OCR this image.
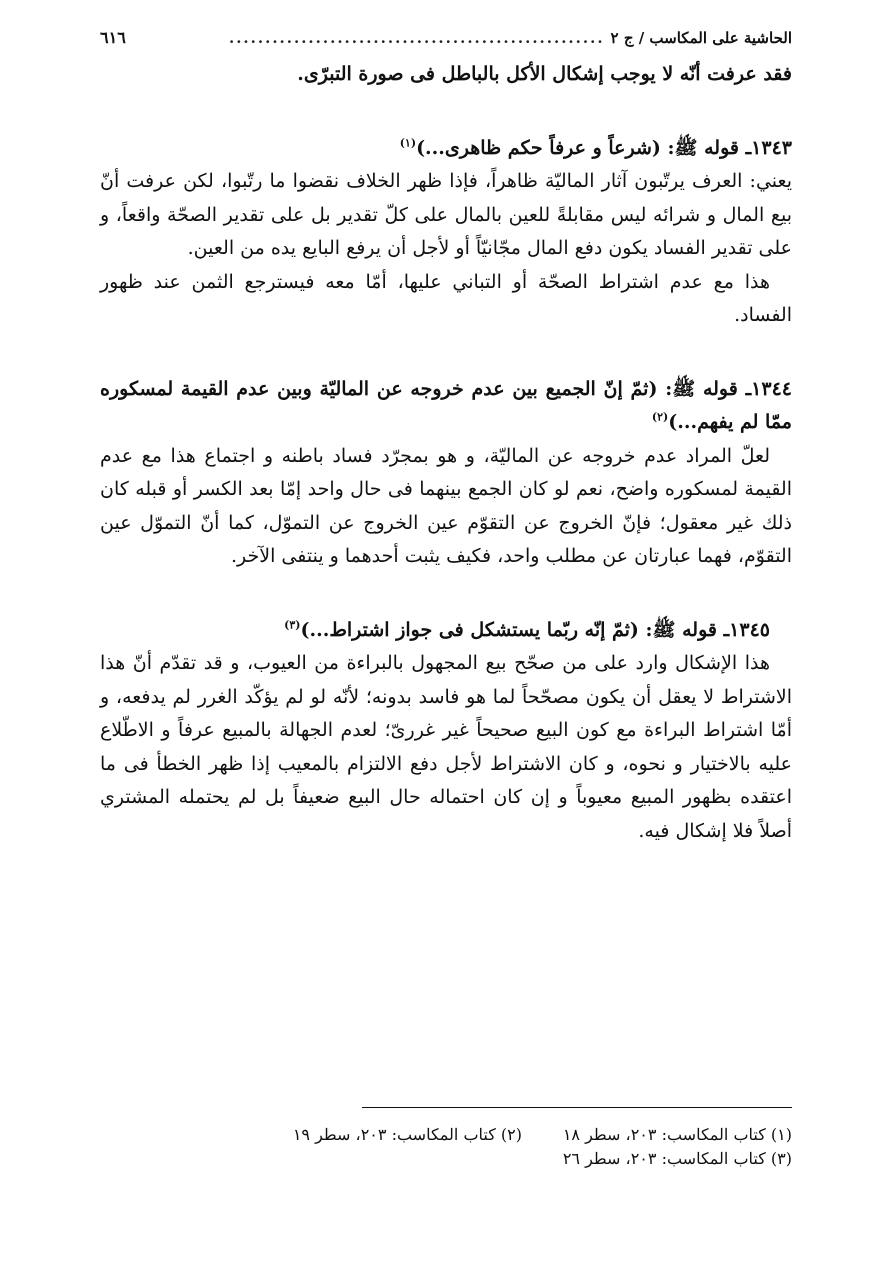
الحاشية على المكاسب / ج ۲
....................................................
٦١٦

فقد عرفت أنّه لا يوجب إشكال الأكل بالباطل فى صورة التبرّى.

١٣٤٣ـ قوله ﷺ: (شرعاً و عرفاً حكم ظاهرى...)$^{(١)}$

يعني: العرف يرتّبون آثار الماليّة ظاهراً، فإذا ظهر الخلاف نقضوا ما رتّبوا، لكن عرفت أنّ بيع المال و شرائه ليس مقابلةً للعين بالمال على كلّ تقدير بل على تقدير الصحّة واقعاً، و على تقدير الفساد يكون دفع المال مجّانيّاً أو لأجل أن يرفع البايع يده من العين.

هذا مع عدم اشتراط الصحّة أو التباني عليها، أمّا معه فيسترجع الثمن عند ظهور الفساد.

١٣٤٤ـ قوله ﷺ: (ثمّ إنّ الجميع بين عدم خروجه عن الماليّة وبين عدم القيمة لمسكوره ممّا لم يفهم...)$^{(٢)}$

لعلّ المراد عدم خروجه عن الماليّة، و هو بمجرّد فساد باطنه و اجتماع هذا مع عدم القيمة لمسكوره واضح، نعم لو كان الجمع بينهما فى حال واحد إمّا بعد الكسر أو قبله كان ذلك غير معقول؛ فإنّ الخروج عن التقوّم عين الخروج عن التموّل، كما أنّ التموّل عين التقوّم، فهما عبارتان عن مطلب واحد، فكيف يثبت أحدهما و ينتفى الآخر.

١٣٤٥ـ قوله ﷺ: (ثمّ إنّه ربّما يستشكل فى جواز اشتراط...)$^{(٣)}$

هذا الإشكال وارد على من صحّح بيع المجهول بالبراءة من العيوب، و قد تقدّم أنّ هذا الاشتراط لا يعقل أن يكون مصحّحاً لما هو فاسد بدونه؛ لأنّه لو لم يؤكّد الغرر لم يدفعه، و أمّا اشتراط البراءة مع كون البيع صحيحاً غير غررىّ؛ لعدم الجهالة بالمبيع عرفاً و الاطّلاع عليه بالاختيار و نحوه، و كان الاشتراط لأجل دفع الالتزام بالمعيب إذا ظهر الخطأ فى ما اعتقده بظهور المبيع معيوباً و إن كان احتماله حال البيع ضعيفاً بل لم يحتمله المشتري أصلاً فلا إشكال فيه.

(١) كتاب المكاسب: ٢٠٣، سطر ١٨
(٢) كتاب المكاسب: ٢٠٣، سطر ١٩
(٣) كتاب المكاسب: ٢٠٣، سطر ٢٦
